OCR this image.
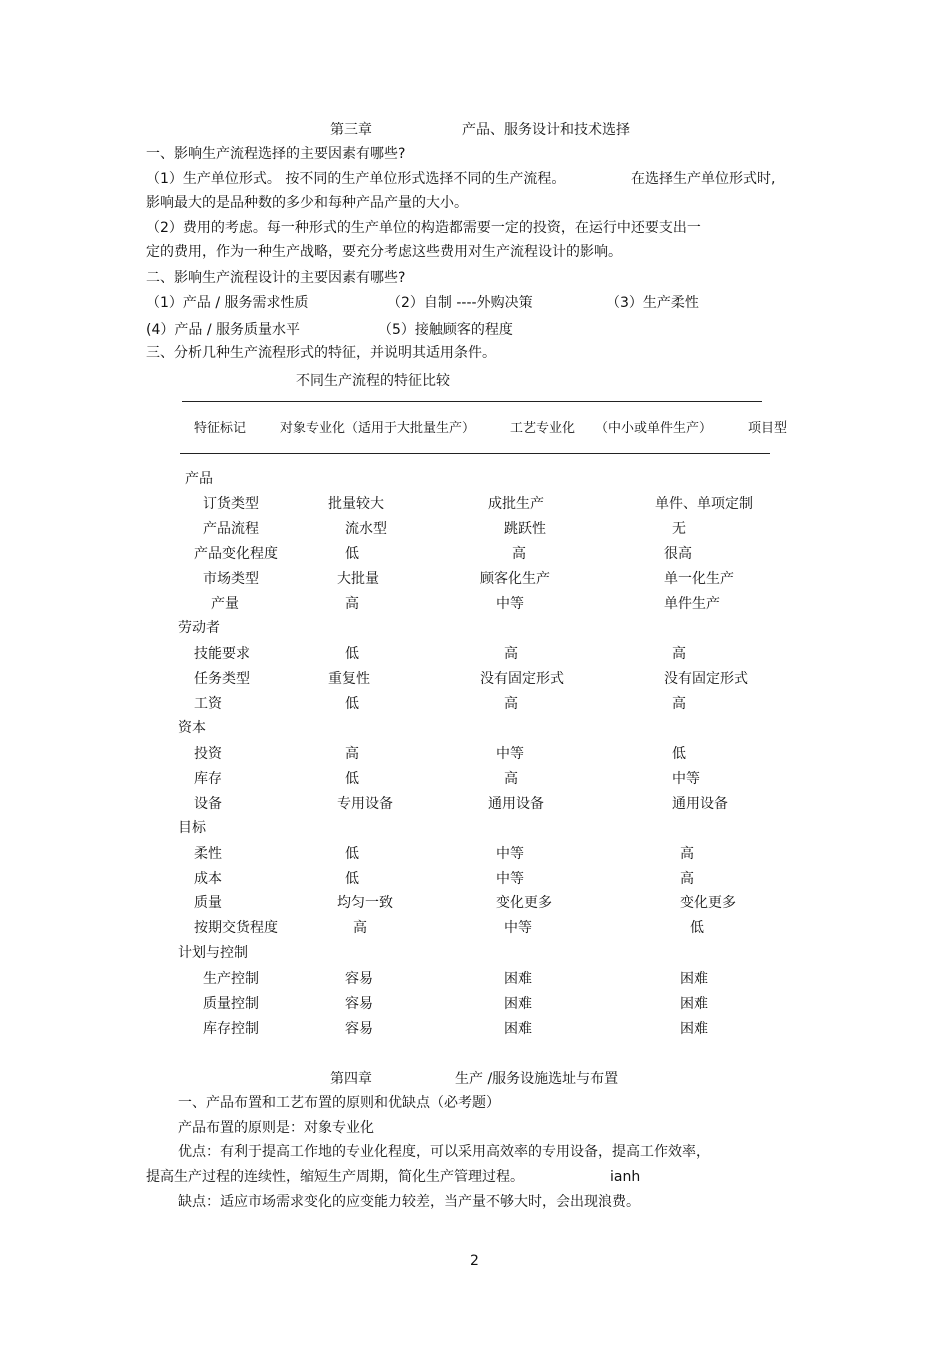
第三章	产品、服务设计和技术选择
一、影响生产流程选择的主要因素有哪些?
（1）生产单位形式。 按不同的生产单位形式选择不同的生产流程。	在选择生产单位形式时,
影响最大的是品种数的多少和每种产品产量的大小。
（2）费用的考虑。每一种形式的生产单位的构造都需要一定的投资，在运行中还要支出一
定的费用，作为一种生产战略，要充分考虑这些费用对生产流程设计的影响。
二、影响生产流程设计的主要因素有哪些?
（1）产品 / 服务需求性质	（2）自制 ----外购决策	（3）生产柔性
(4）产品 / 服务质量水平	（5）接触顾客的程度
三、分析几种生产流程形式的特征，并说明其适用条件。
不同生产流程的特征比较
特征标记	对象专业化（适用于大批量生产）	工艺专业化 （中小或单件生产）	项目型
产品
订货类型	批量较大	成批生产	单件、单项定制
产品流程	流水型	跳跃性	无
产品变化程度	低	高	很高
市场类型	大批量	顾客化生产	单一化生产
产量	高	中等	单件生产
劳动者
技能要求	低	高	高
任务类型	重复性	没有固定形式	没有固定形式
工资	低	高	高
资本
投资	高	中等	低
库存	低	高	中等
设备	专用设备	通用设备	通用设备
目标
柔性	低	中等	高
成本	低	中等	高
质量	均匀一致	变化更多	变化更多
按期交货程度	高	中等	低
计划与控制
生产控制	容易	困难	困难
质量控制	容易	困难	困难
库存控制	容易	困难	困难
第四章	生产 /服务设施选址与布置
一、产品布置和工艺布置的原则和优缺点（必考题）
产品布置的原则是：对象专业化
优点：有利于提高工作地的专业化程度，可以采用高效率的专用设备，提高工作效率，
提高生产过程的连续性，缩短生产周期，简化生产管理过程。	ianh
缺点：适应市场需求变化的应变能力较差，当产量不够大时，会出现浪费。
2
